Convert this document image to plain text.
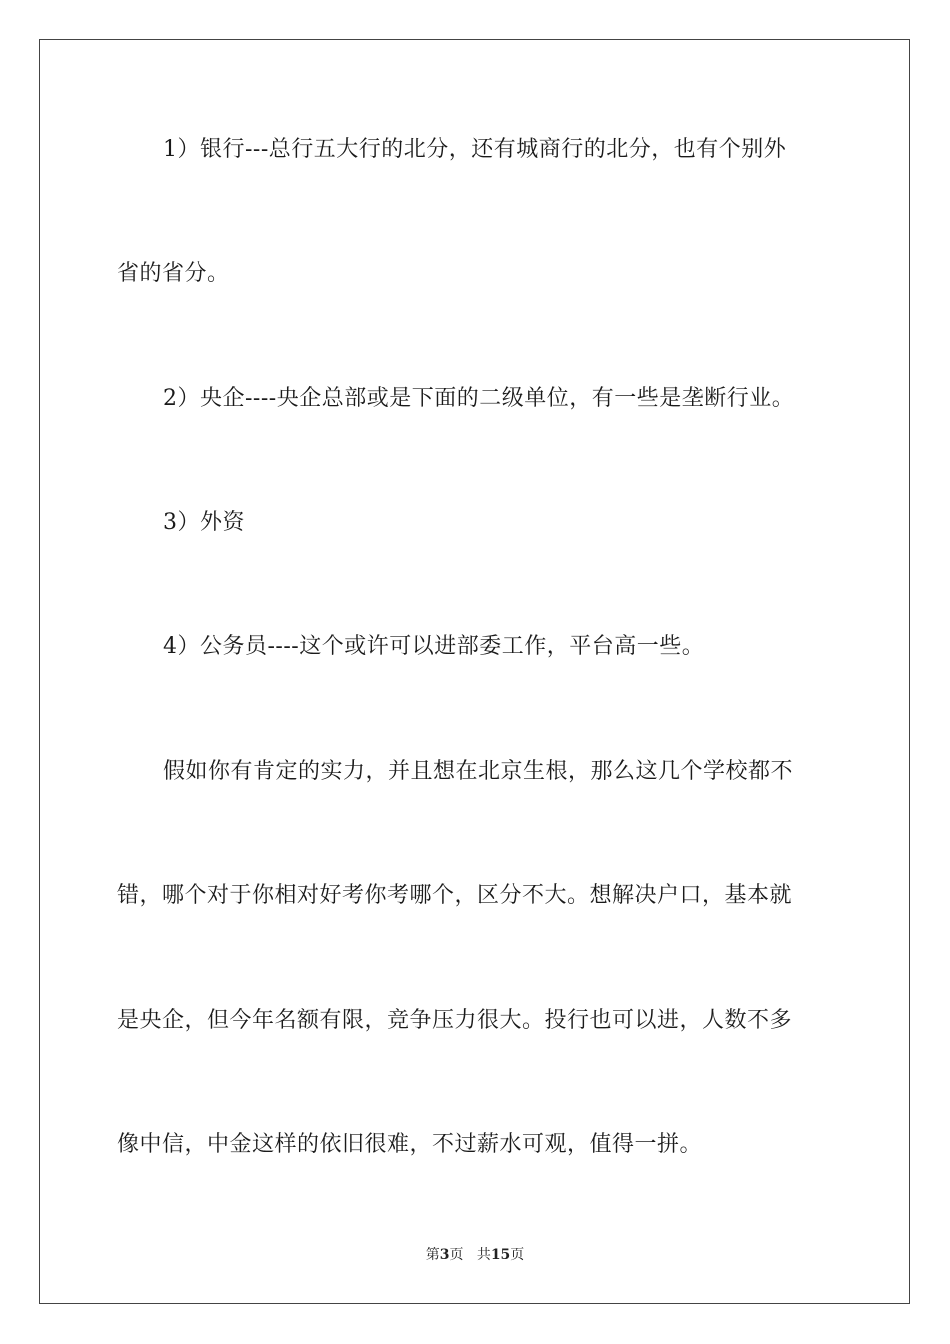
1）银行---总行五大行的北分，还有城商行的北分，也有个别外
省的省分。
2）央企----央企总部或是下面的二级单位，有一些是垄断行业。
3）外资
4）公务员----这个或许可以进部委工作，平台高一些。
假如你有肯定的实力，并且想在北京生根，那么这几个学校都不
错，哪个对于你相对好考你考哪个，区分不大。想解决户口，基本就
是央企，但今年名额有限，竞争压力很大。投行也可以进，人数不多
像中信，中金这样的依旧很难，不过薪水可观，值得一拼。
第3页 共15页
